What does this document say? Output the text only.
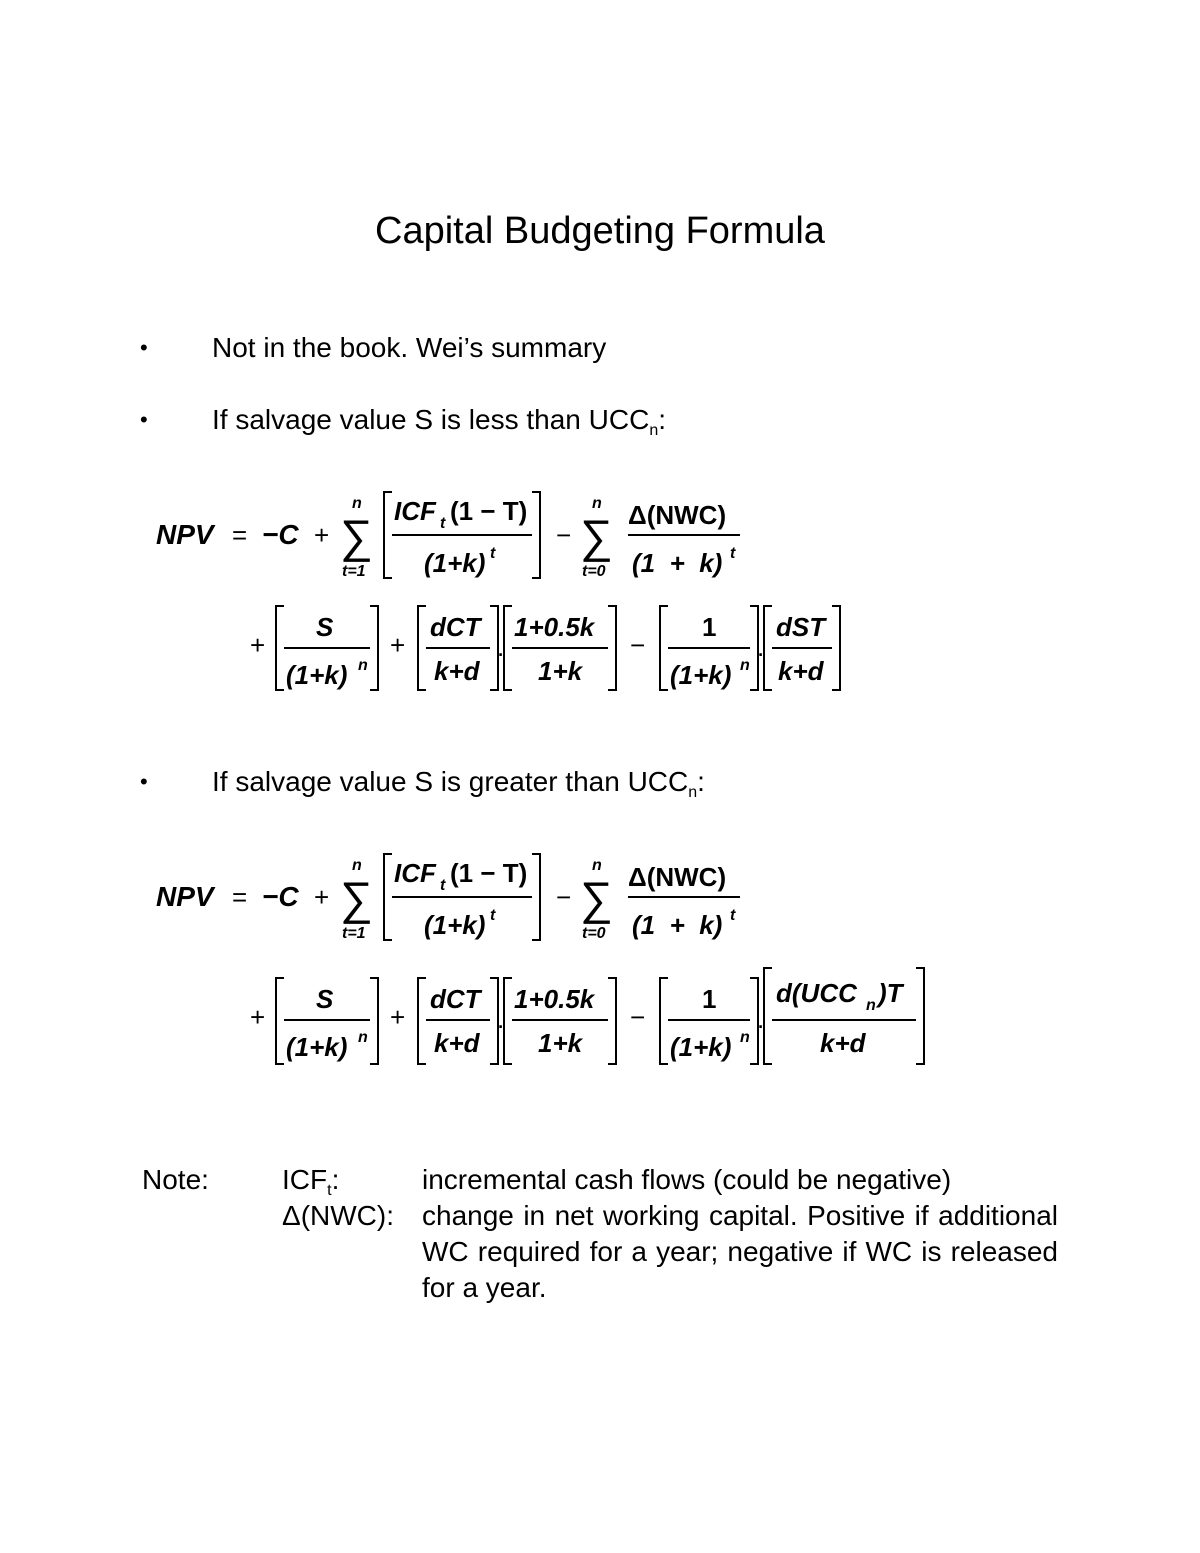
Capital Budgeting Formula
•	Not in the book. Wei’s summary
•	If salvage value S is less than $UCC_n$:
NPV = −C +
n
∑
t=1
ICF t (1 − T)
(1+k) t
−
n
∑
t=0
Δ(NWC)
(1  +  k) t
+
S
(1+k) n
+
dCT
k+d
.
1+0.5k
1+k
−
1
(1+k) n
.
dST
k+d
•	If salvage value S is greater than $UCC_n$:
NPV = −C +
n
∑
t=1
ICF t (1 − T)
(1+k) t
−
n
∑
t=0
Δ(NWC)
(1  +  k) t
+
S
(1+k) n
+
dCT
k+d
.
1+0.5k
1+k
−
1
(1+k) n
.
d(UCC n )T
k+d
Note:	$ICF_t$:	incremental cash flows (could be negative)
Δ(NWC): change in net working capital. Positive if additional WC required for a year; negative if WC is released for a year.
